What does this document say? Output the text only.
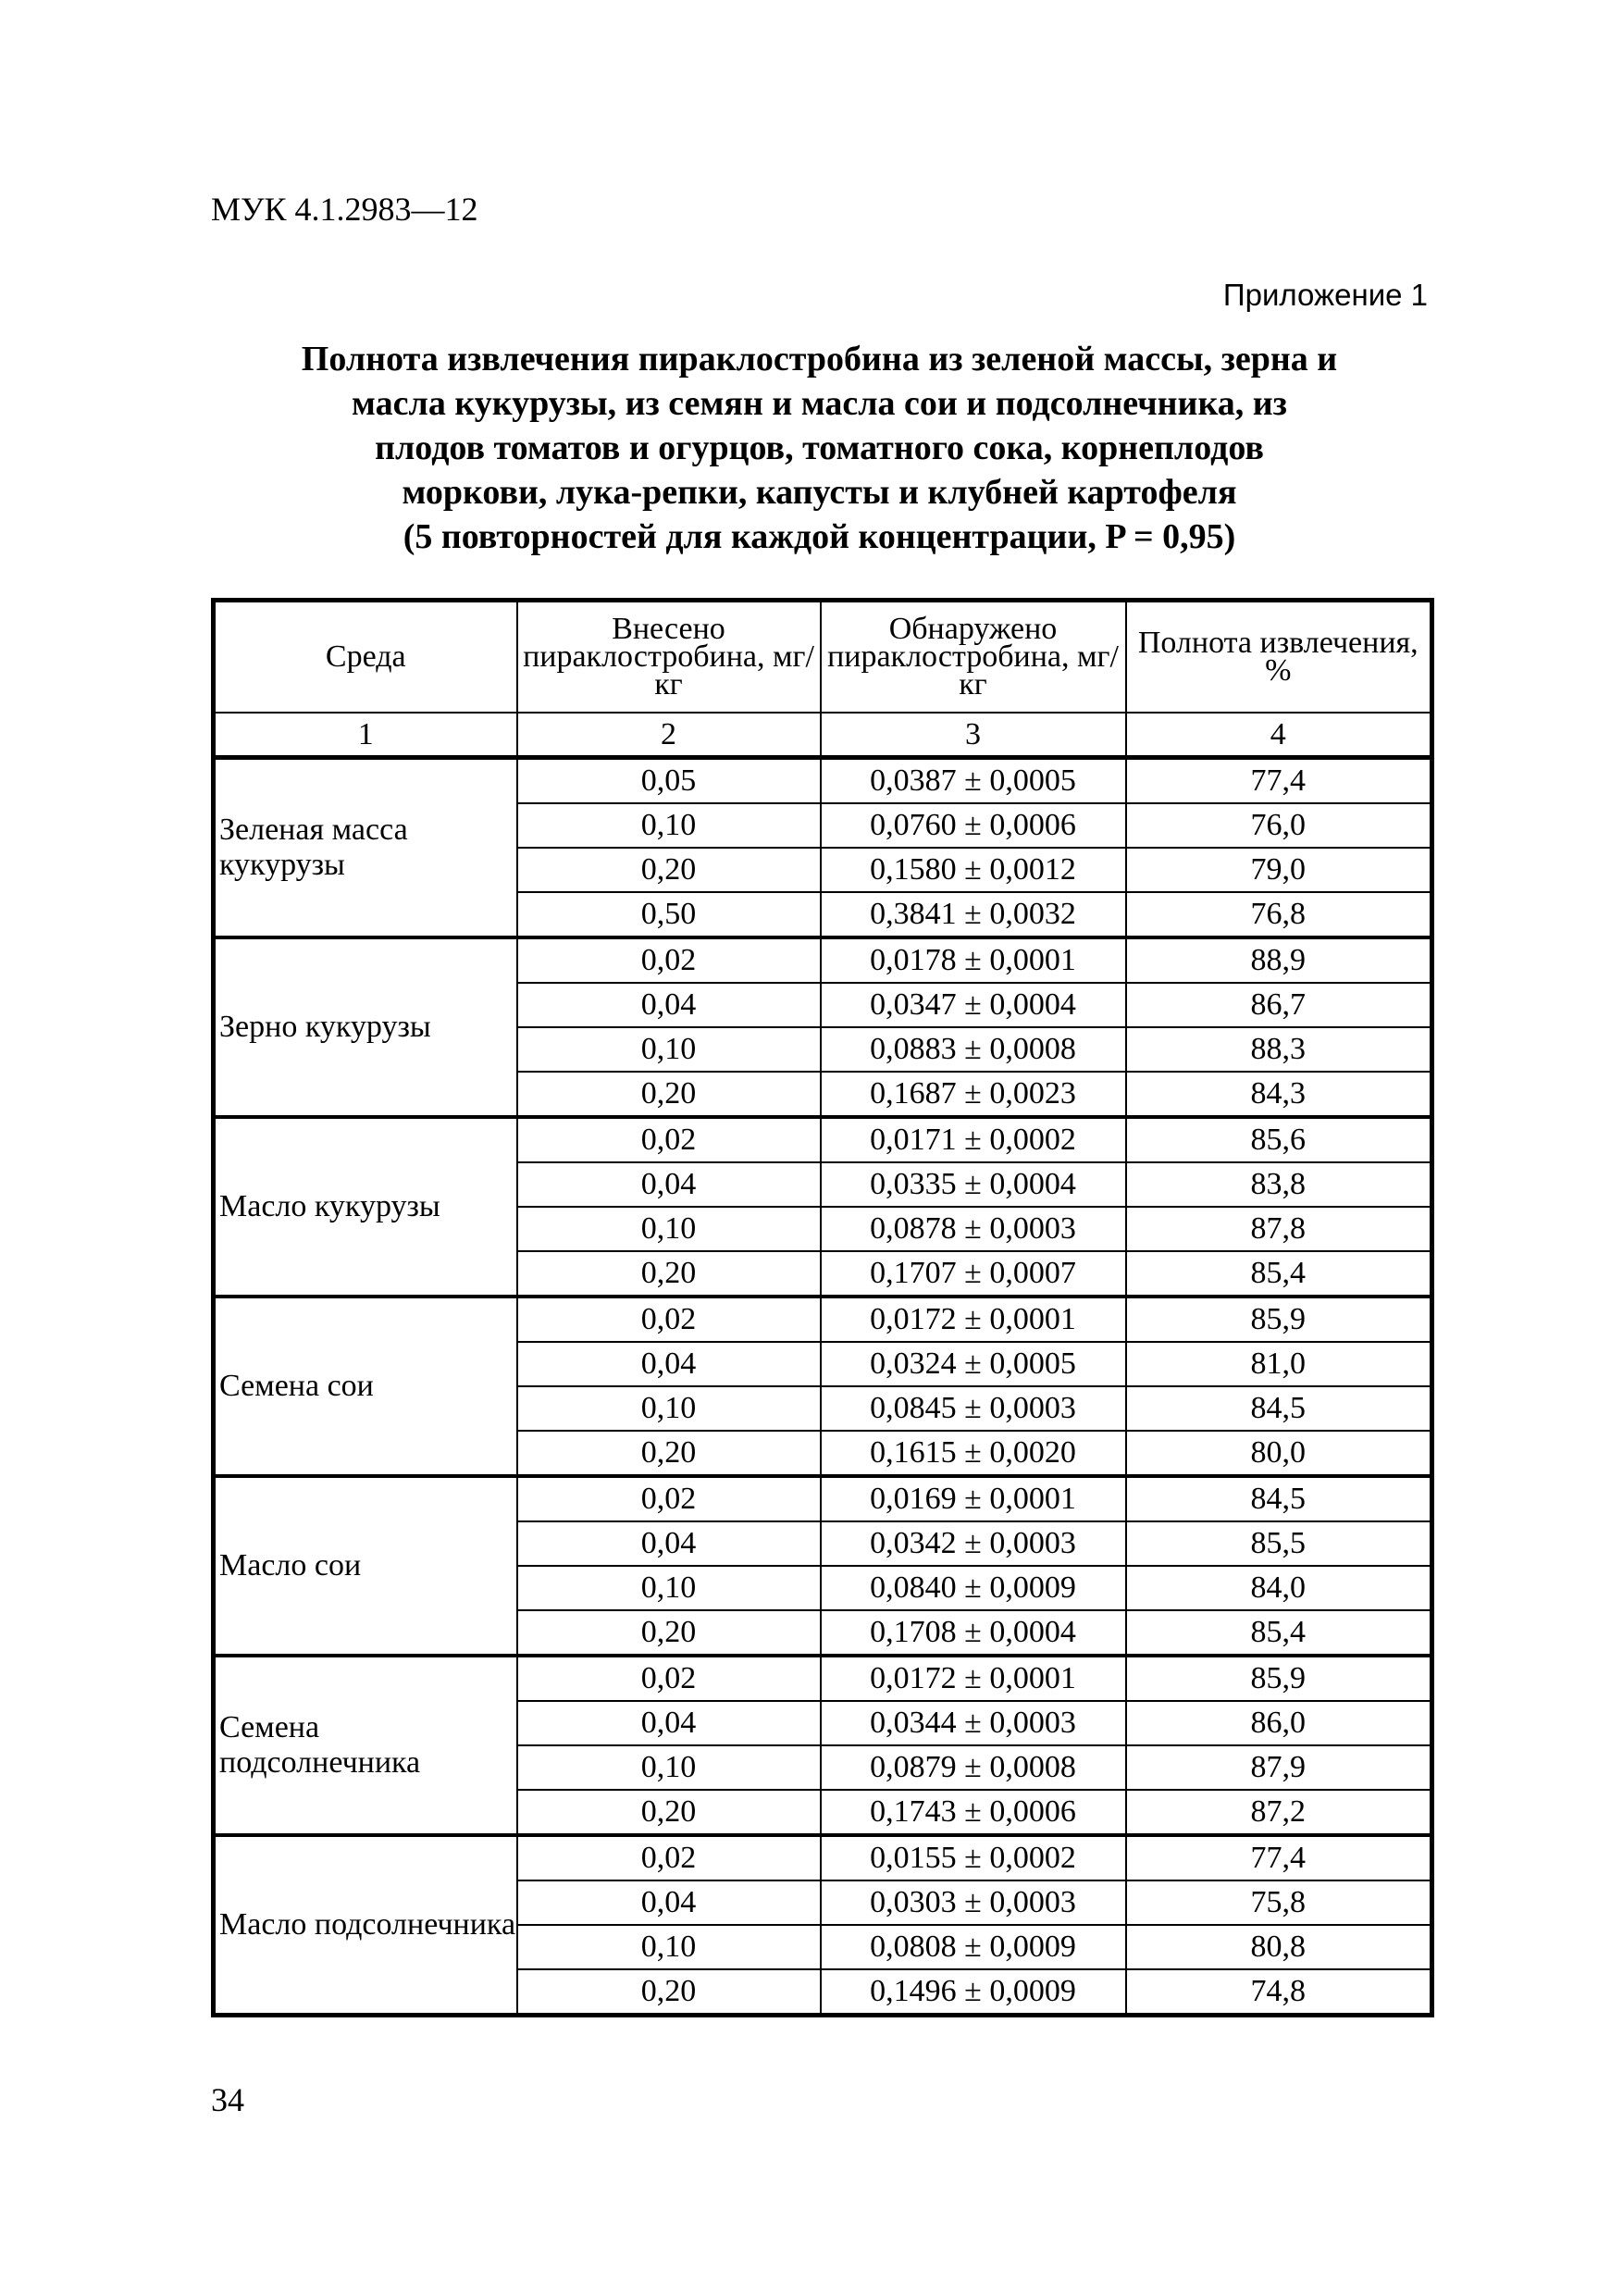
МУК 4.1.2983—12
Приложение 1
Полнота извлечения пираклостробина из зеленой массы, зерна и
масла кукурузы, из семян и масла сои и подсолнечника, из
плодов томатов и огурцов, томатного сока, корнеплодов
моркови, лука-репки, капусты и клубней картофеля
(5 повторностей для каждой концентрации, P = 0,95)
Среда	Внесено пираклостробина, мг/кг	Обнаружено пираклостробина, мг/кг	Полнота извлечения, %
1	2	3	4
Зеленая масса кукурузы	0,05	0,0387 ± 0,0005	77,4
	0,10	0,0760 ± 0,0006	76,0
	0,20	0,1580 ± 0,0012	79,0
	0,50	0,3841 ± 0,0032	76,8
Зерно кукурузы	0,02	0,0178 ± 0,0001	88,9
	0,04	0,0347 ± 0,0004	86,7
	0,10	0,0883 ± 0,0008	88,3
	0,20	0,1687 ± 0,0023	84,3
Масло кукурузы	0,02	0,0171 ± 0,0002	85,6
	0,04	0,0335 ± 0,0004	83,8
	0,10	0,0878 ± 0,0003	87,8
	0,20	0,1707 ± 0,0007	85,4
Семена сои	0,02	0,0172 ± 0,0001	85,9
	0,04	0,0324 ± 0,0005	81,0
	0,10	0,0845 ± 0,0003	84,5
	0,20	0,1615 ± 0,0020	80,0
Масло сои	0,02	0,0169 ± 0,0001	84,5
	0,04	0,0342 ± 0,0003	85,5
	0,10	0,0840 ± 0,0009	84,0
	0,20	0,1708 ± 0,0004	85,4
Семена подсолнечника	0,02	0,0172 ± 0,0001	85,9
	0,04	0,0344 ± 0,0003	86,0
	0,10	0,0879 ± 0,0008	87,9
	0,20	0,1743 ± 0,0006	87,2
Масло подсолнечника	0,02	0,0155 ± 0,0002	77,4
	0,04	0,0303 ± 0,0003	75,8
	0,10	0,0808 ± 0,0009	80,8
	0,20	0,1496 ± 0,0009	74,8
34
